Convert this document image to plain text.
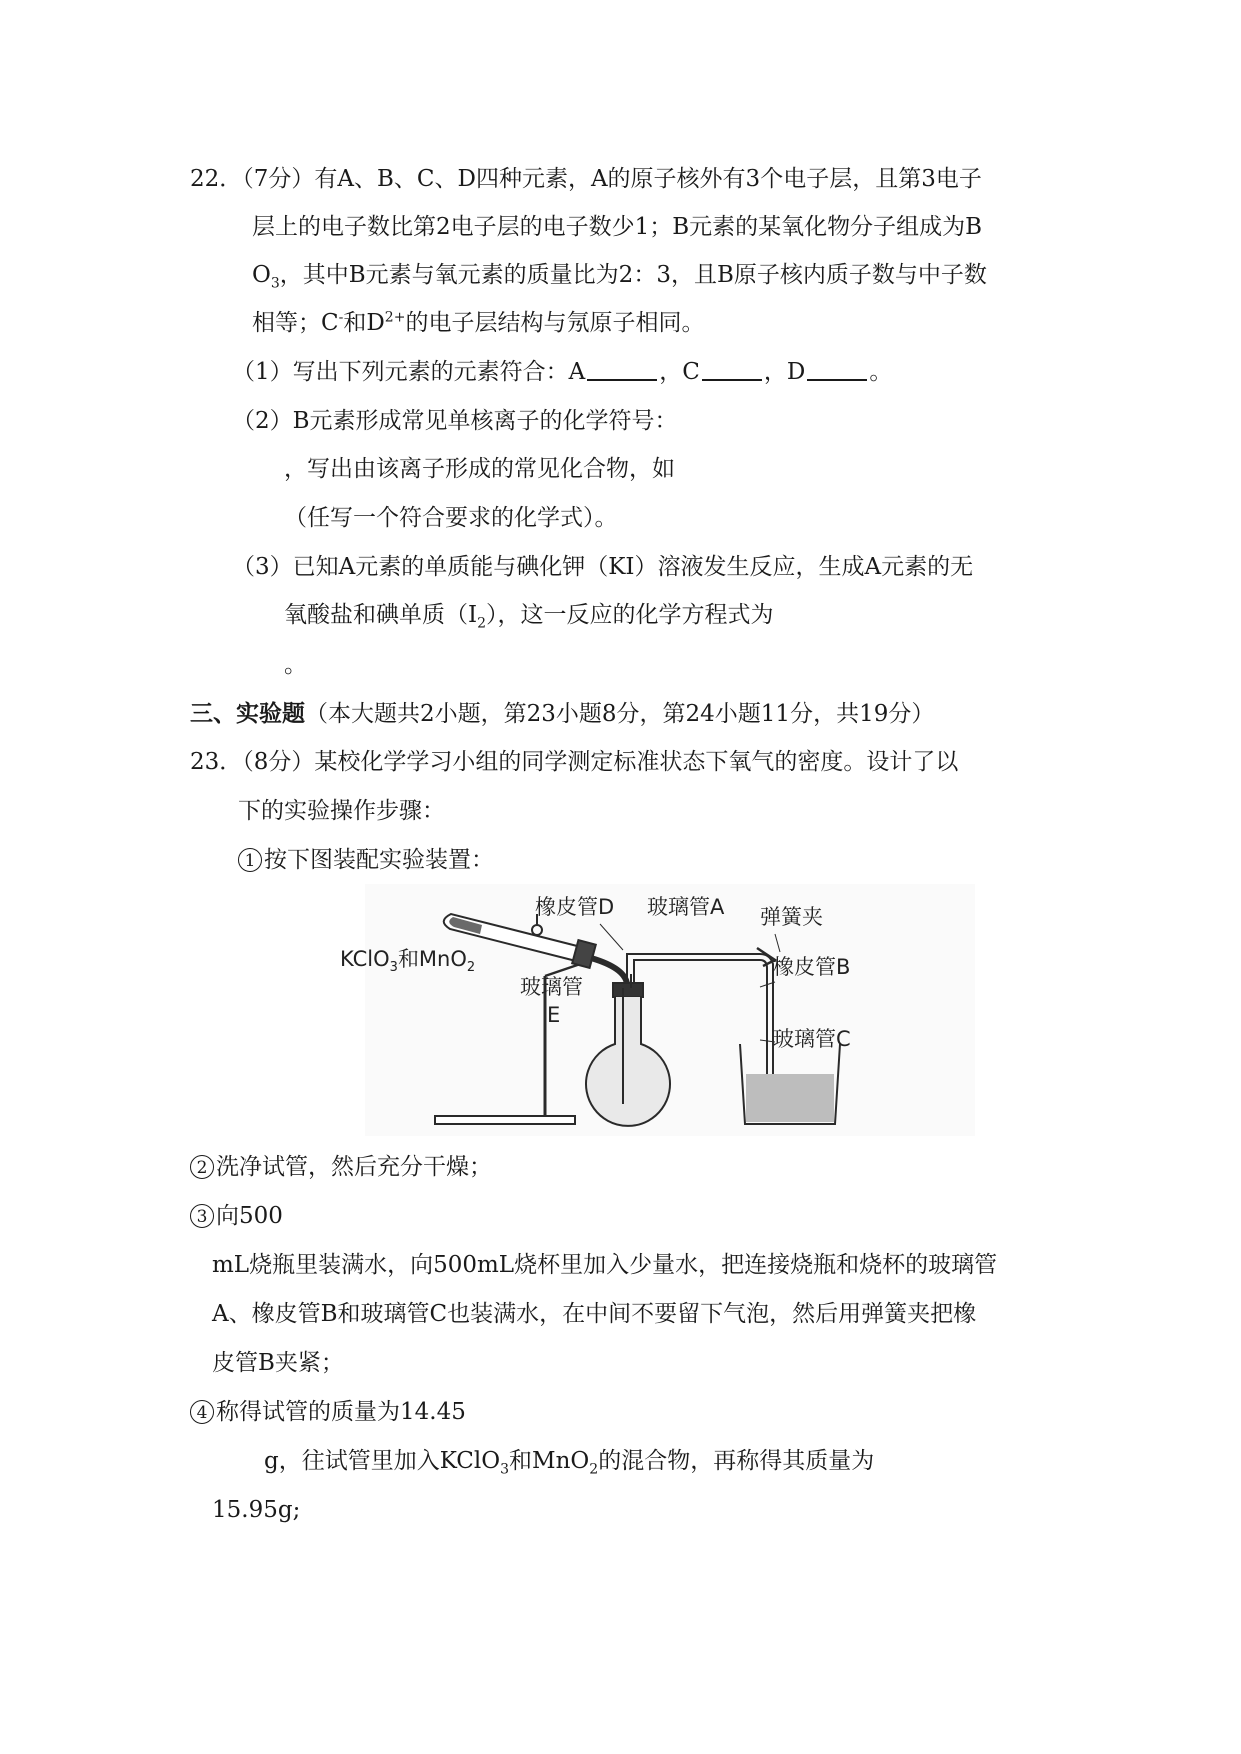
22．（7分）有A、B、C、D四种元素，A的原子核外有3个电子层，且第3电子
层上的电子数比第2电子层的电子数少1；B元素的某氧化物分子组成为B
$O_3$，其中B元素与氧元素的质量比为2：3，且B原子核内质子数与中子数
相等；C-和$D^{2+}$的电子层结构与氖原子相同。
（1）写出下列元素的元素符合：A	，C	，D	。
（2）B元素形成常见单核离子的化学符号：
，写出由该离子形成的常见化合物，如
（任写一个符合要求的化学式）。
（3）已知A元素的单质能与碘化钾（KI）溶液发生反应，生成A元素的无
氧酸盐和碘单质$(I_2)$，这一反应的化学方程式为
。
三、实验题（本大题共2小题，第23小题8分，第24小题11分，共19分）
23．（8分）某校化学学习小组的同学测定标准状态下氧气的密度。设计了以
下的实验操作步骤：
1 按下图装配实验装置：
KClO$_3$和MnO$_2$
橡皮管D 玻璃管A 弹簧夹
橡皮管B
玻璃管
E
玻璃管C
2 洗净试管，然后充分干燥；
3 向500
mL烧瓶里装满水，向500mL烧杯里加入少量水，把连接烧瓶和烧杯的玻璃管
A、橡皮管B和玻璃管C也装满水，在中间不要留下气泡，然后用弹簧夹把橡
皮管B夹紧；
4 称得试管的质量为14.45
g，往试管里加入KClO$_3$和MnO$_2$的混合物，再称得其质量为
15.95g;
